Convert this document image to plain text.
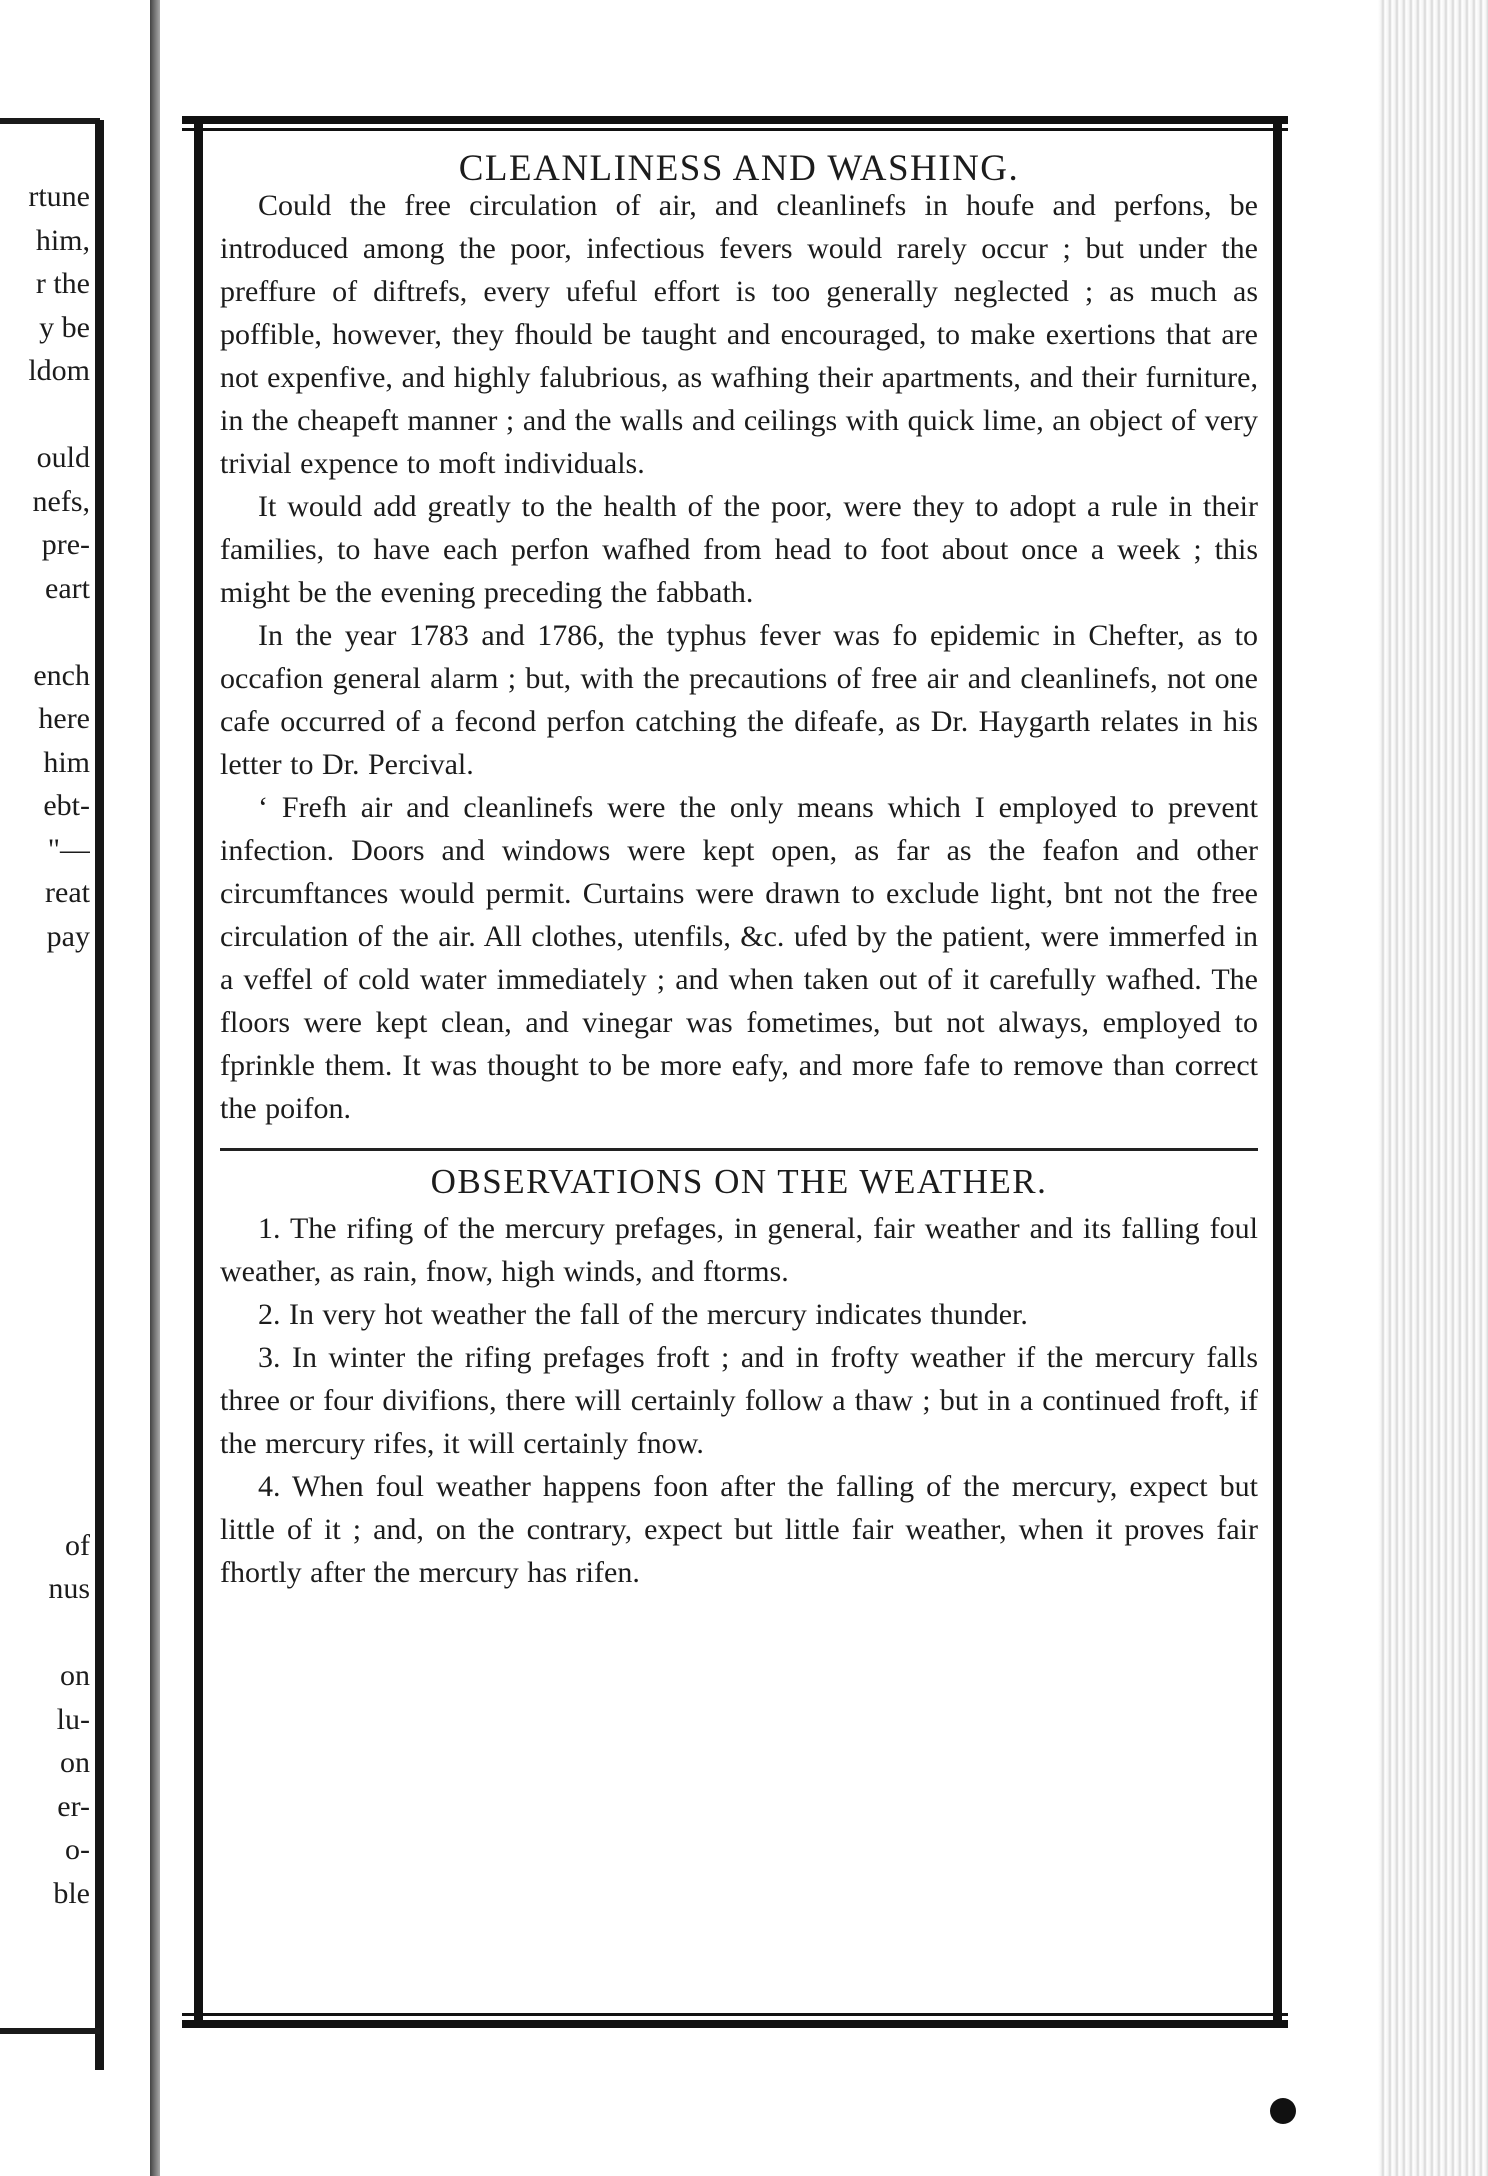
rtune
him,
r the
y be
ldom
ould
nefs,
pre-
eart
ench
here
him
ebt-
"—
reat
pay
of
nus
on
lu-
on
er-
o-
ble
CLEANLINESS AND WASHING.

Could the free circulation of air, and cleanlinefs in houfe and perfons, be introduced among the poor, infectious fevers would rarely occur ; but under the preffure of diftrefs, every ufeful effort is too generally neglected ; as much as poffible, however, they fhould be taught and encouraged, to make exertions that are not expenfive, and highly falubrious, as wafhing their apartments, and their furniture, in the cheapeft manner ; and the walls and ceilings with quick lime, an object of very trivial expence to moft individuals.

It would add greatly to the health of the poor, were they to adopt a rule in their families, to have each perfon wafhed from head to foot about once a week ; this might be the evening preceding the fabbath.

In the year 1783 and 1786, the typhus fever was fo epidemic in Chefter, as to occafion general alarm ; but, with the precautions of free air and cleanlinefs, not one cafe occurred of a fecond perfon catching the difeafe, as Dr. Haygarth relates in his letter to Dr. Percival.

‘ Frefh air and cleanlinefs were the only means which I employed to prevent infection. Doors and windows were kept open, as far as the feafon and other circumftances would permit. Curtains were drawn to exclude light, bnt not the free circulation of the air. All clothes, utenfils, &c. ufed by the patient, were immerfed in a veffel of cold water immediately ; and when taken out of it carefully wafhed. The floors were kept clean, and vinegar was fometimes, but not always, employed to fprinkle them. It was thought to be more eafy, and more fafe to remove than correct the poifon.

OBSERVATIONS ON THE WEATHER.

1. The rifing of the mercury prefages, in general, fair weather and its falling foul weather, as rain, fnow, high winds, and ftorms.

2. In very hot weather the fall of the mercury indicates thunder.

3. In winter the rifing prefages froft ; and in frofty weather if the mercury falls three or four divifions, there will certainly follow a thaw ; but in a continued froft, if the mercury rifes, it will certainly fnow.

4. When foul weather happens foon after the falling of the mercury, expect but little of it ; and, on the contrary, expect but little fair weather, when it proves fair fhortly after the mercury has rifen.
